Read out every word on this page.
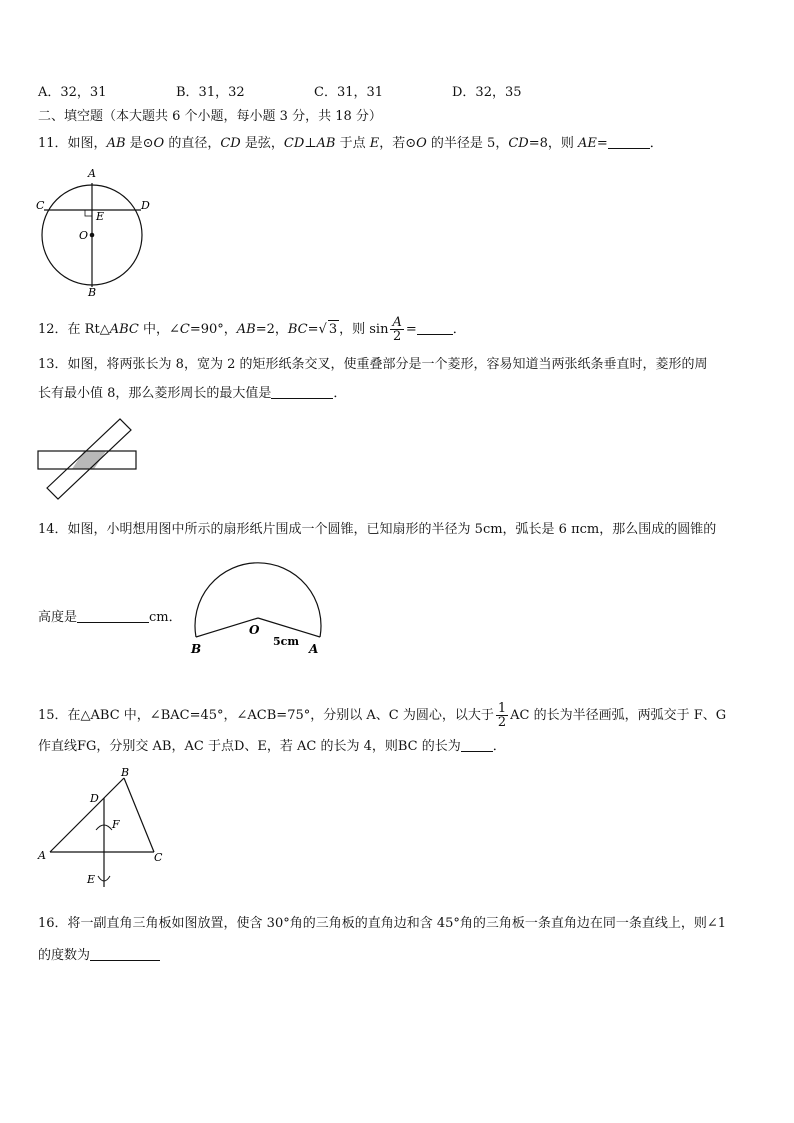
A．32，31	B．31，32	C．31，31	D．32，35
二、填空题（本大题共 6 个小题，每小题 3 分，共 18 分）
11．如图，AB 是⊙O 的直径，CD 是弦，CD⊥AB 于点 E，若⊙O 的半径是 5，CD=8，则 AE=	．
A
B
C	D
E
O
12．在 Rt△ABC 中，∠C=90°，AB=2，BC=√ 3 ，则 $\sin \frac{A}{2}$ =	．
13．如图，将两张长为 8，宽为 2 的矩形纸条交叉，使重叠部分是一个菱形，容易知道当两张纸条垂直时，菱形的周
长有最小值 8，那么菱形周长的最大值是	．
14．如图，小明想用图中所示的扇形纸片围成一个圆锥，已知扇形的半径为 5cm，弧长是 6 πcm，那么围成的圆锥的
高度是	cm．
B
O
5cm
A
15．在△ABC 中，∠BAC=45°，∠ACB=75°，分别以 A、C 为圆心，以大于 $\frac{1}{2}$ AC 的长为半径画弧，两弧交于 F、G
作直线FG，分别交 AB，AC 于点D、E，若 AC 的长为 4，则BC 的长为 ．
B
D
F
A	C
E
16．将一副直角三角板如图放置，使含 30°角的三角板的直角边和含 45°角的三角板一条直角边在同一条直线上，则∠1
的度数为
